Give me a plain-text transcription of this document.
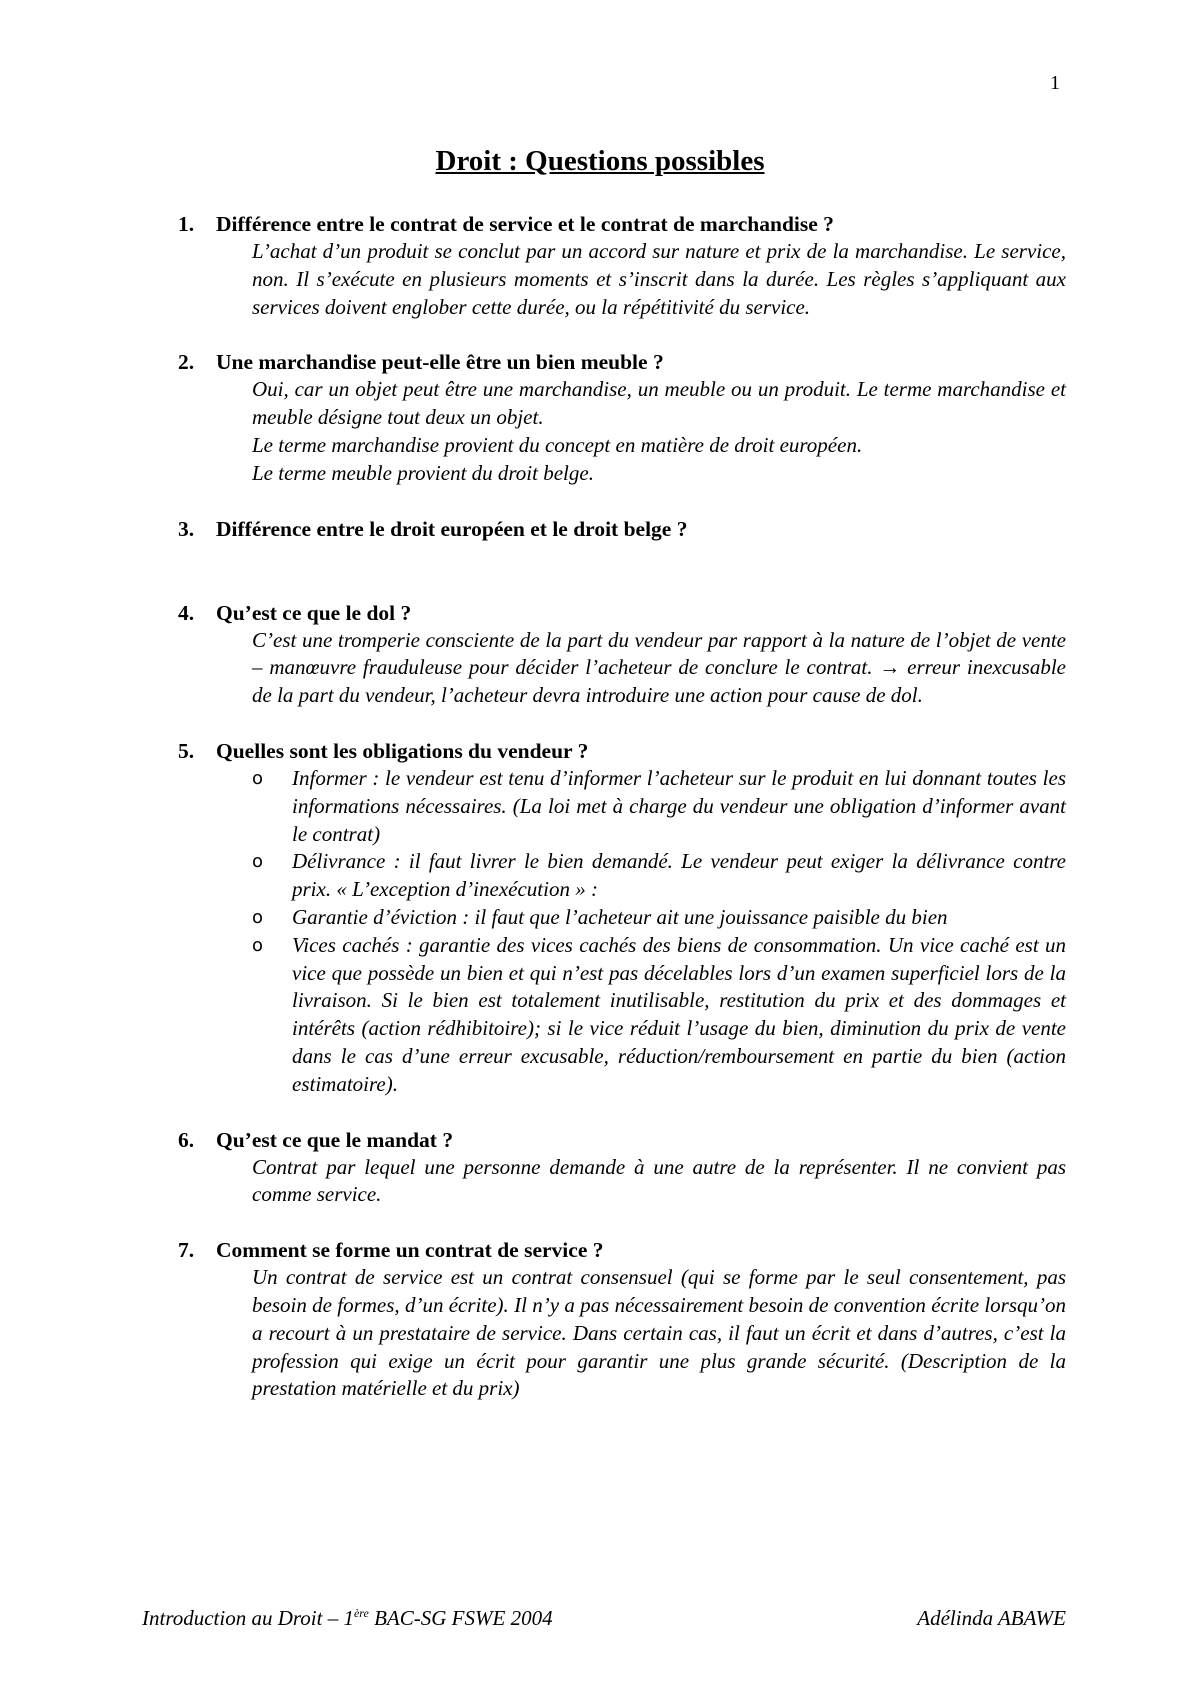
1
Droit : Questions possibles
1. Différence entre le contrat de service et le contrat de marchandise ?

L’achat d’un produit se conclut par un accord sur nature et prix de la marchandise. Le service, non. Il s’exécute en plusieurs moments et s’inscrit dans la durée. Les règles s’appliquant aux services doivent englober cette durée, ou la répétitivité du service.

2. Une marchandise peut-elle être un bien meuble ?

Oui, car un objet peut être une marchandise, un meuble ou un produit. Le terme marchandise et meuble désigne tout deux un objet.

Le terme marchandise provient du concept en matière de droit européen.

Le terme meuble provient du droit belge.

3. Différence entre le droit européen et le droit belge ?
4. Qu’est ce que le dol ?

C’est une tromperie consciente de la part du vendeur par rapport à la nature de l’objet de vente – manœuvre frauduleuse pour décider l’acheteur de conclure le contrat. → erreur inexcusable de la part du vendeur, l’acheteur devra introduire une action pour cause de dol.

5. Quelles sont les obligations du vendeur ?
o Informer : le vendeur est tenu d’informer l’acheteur sur le produit en lui donnant toutes les informations nécessaires. (La loi met à charge du vendeur une obligation d’informer avant le contrat)
o Délivrance : il faut livrer le bien demandé. Le vendeur peut exiger la délivrance contre prix. « L’exception d’inexécution » :
o Garantie d’éviction : il faut que l’acheteur ait une jouissance paisible du bien
o Vices cachés : garantie des vices cachés des biens de consommation. Un vice caché est un vice que possède un bien et qui n’est pas décelables lors d’un examen superficiel lors de la livraison. Si le bien est totalement inutilisable, restitution du prix et des dommages et intérêts (action rédhibitoire); si le vice réduit l’usage du bien, diminution du prix de vente dans le cas d’une erreur excusable, réduction/remboursement en partie du bien (action estimatoire).
6. Qu’est ce que le mandat ?

Contrat par lequel une personne demande à une autre de la représenter. Il ne convient pas comme service.

7. Comment se forme un contrat de service ?

Un contrat de service est un contrat consensuel (qui se forme par le seul consentement, pas besoin de formes, d’un écrite). Il n’y a pas nécessairement besoin de convention écrite lorsqu’on a recourt à un prestataire de service. Dans certain cas, il faut un écrit et dans d’autres, c’est la profession qui exige un écrit pour garantir une plus grande sécurité. (Description de la prestation matérielle et du prix)

Introduction au Droit – 1ère BAC-SG FSWE 2004	Adélinda ABAWE
